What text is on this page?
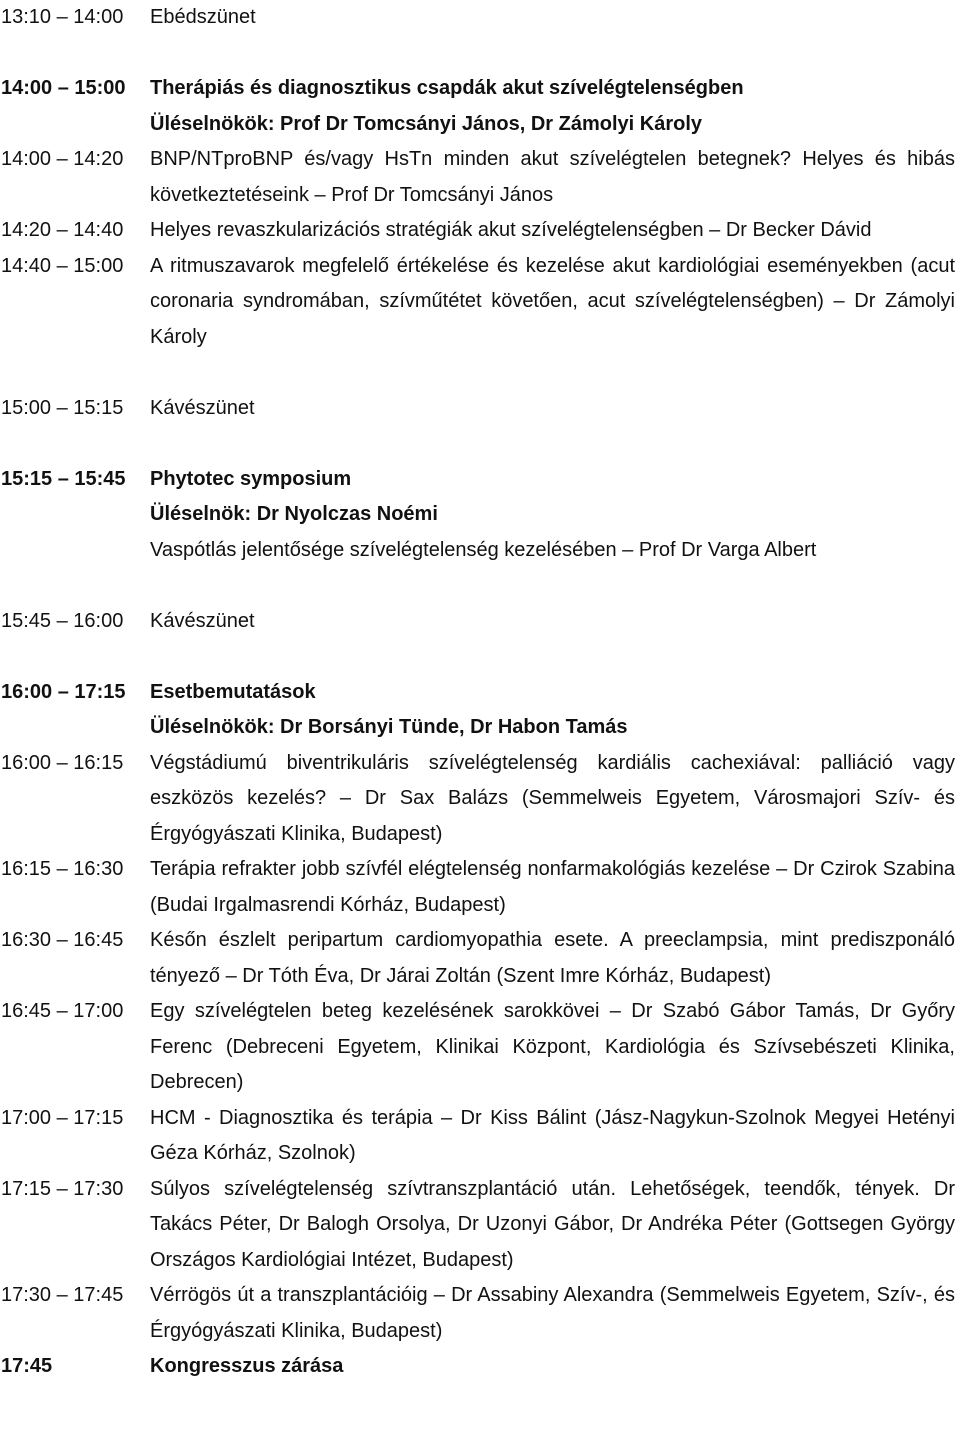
13:10 – 14:00	Ebédszünet
14:00 – 15:00	Therápiás és diagnosztikus csapdák akut szívelégtelenségben
Üléselnökök: Prof Dr Tomcsányi János, Dr Zámolyi Károly
14:00 – 14:20	BNP/NTproBNP és/vagy HsTn minden akut szívelégtelen betegnek? Helyes és hibás következtetéseink – Prof Dr Tomcsányi János
14:20 – 14:40	Helyes revaszkularizációs stratégiák akut szívelégtelenségben – Dr Becker Dávid
14:40 – 15:00	A ritmuszavarok megfelelő értékelése és kezelése akut kardiológiai eseményekben (acut coronaria syndromában, szívműtétet követően, acut szívelégtelenségben) – Dr Zámolyi Károly
15:00 – 15:15	Kávészünet
15:15 – 15:45	Phytotec symposium
Üléselnök: Dr Nyolczas Noémi
Vaspótlás jelentősége szívelégtelenség kezelésében – Prof Dr Varga Albert
15:45 – 16:00	Kávészünet
16:00 – 17:15	Esetbemutatások
Üléselnökök: Dr Borsányi Tünde, Dr Habon Tamás
16:00 – 16:15	Végstádiumú biventrikuláris szívelégtelenség kardiális cachexiával: palliáció vagy eszközös kezelés? – Dr Sax Balázs (Semmelweis Egyetem, Városmajori Szív- és Érgyógyászati Klinika, Budapest)
16:15 – 16:30	Terápia refrakter jobb szívfél elégtelenség nonfarmakológiás kezelése – Dr Czirok Szabina (Budai Irgalmasrendi Kórház, Budapest)
16:30 – 16:45	Későn észlelt peripartum cardiomyopathia esete. A preeclampsia, mint prediszponáló tényező – Dr Tóth Éva, Dr Járai Zoltán (Szent Imre Kórház, Budapest)
16:45 – 17:00	Egy szívelégtelen beteg kezelésének sarokkövei – Dr Szabó Gábor Tamás, Dr Győry Ferenc (Debreceni Egyetem, Klinikai Központ, Kardiológia és Szívsebészeti Klinika, Debrecen)
17:00 – 17:15	HCM - Diagnosztika és terápia – Dr Kiss Bálint (Jász-Nagykun-Szolnok Megyei Hetényi Géza Kórház, Szolnok)
17:15 – 17:30	Súlyos szívelégtelenség szívtranszplantáció után. Lehetőségek, teendők, tények. Dr Takács Péter, Dr Balogh Orsolya, Dr Uzonyi Gábor, Dr Andréka Péter (Gottsegen György Országos Kardiológiai Intézet, Budapest)
17:30 – 17:45	Vérrögös út a transzplantációig – Dr Assabiny Alexandra (Semmelweis Egyetem, Szív-, és Érgyógyászati Klinika, Budapest)
17:45	Kongresszus zárása
